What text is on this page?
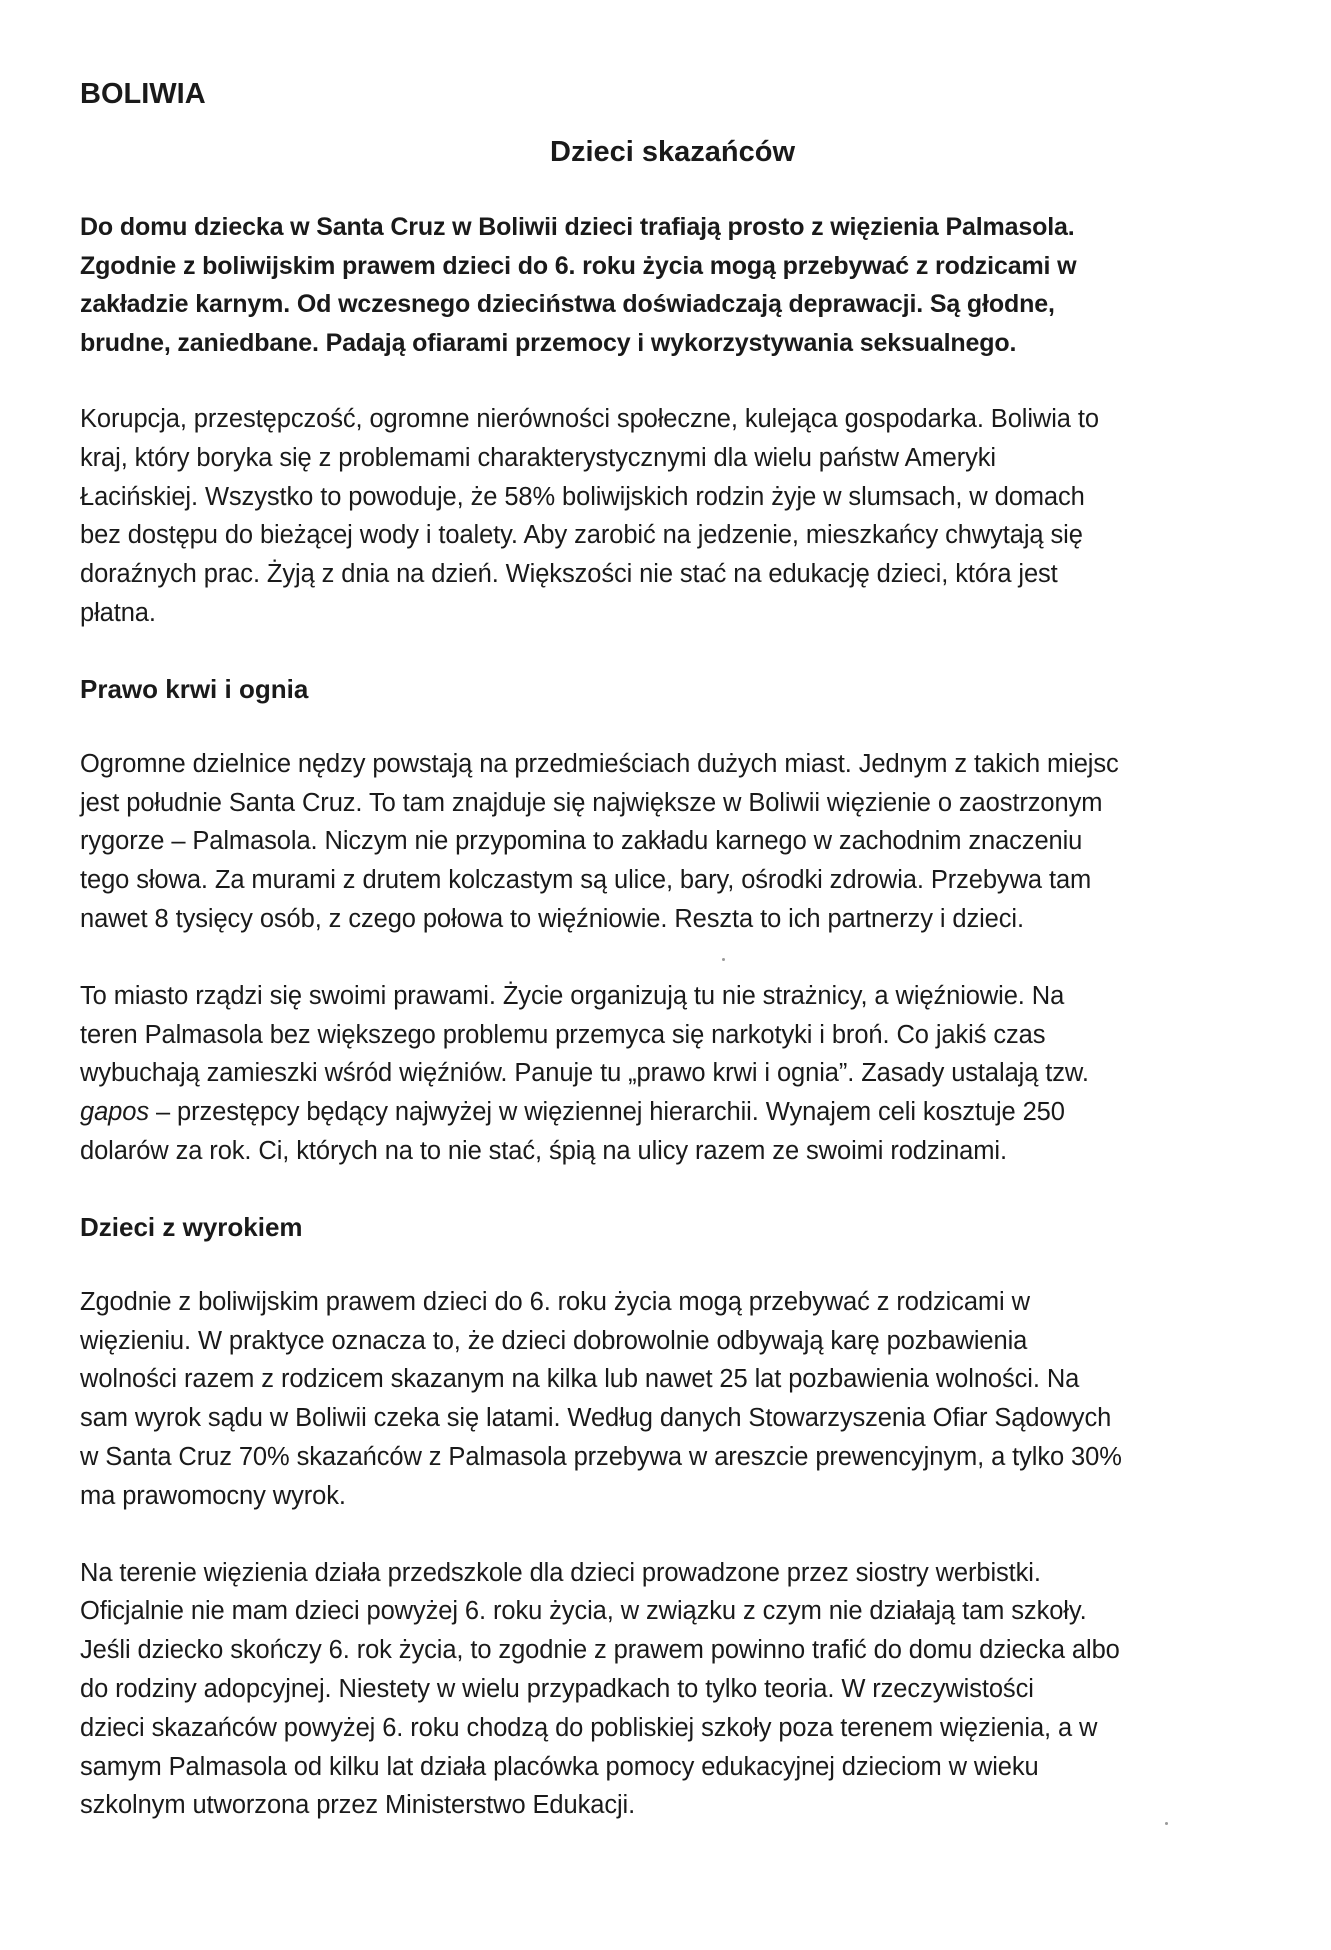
BOLIWIA
Dzieci skazańców

Do domu dziecka w Santa Cruz w Boliwii dzieci trafiają prosto z więzienia Palmasola.
Zgodnie z boliwijskim prawem dzieci do 6. roku życia mogą przebywać z rodzicami w
zakładzie karnym. Od wczesnego dzieciństwa doświadczają deprawacji. Są głodne,
brudne, zaniedbane. Padają ofiarami przemocy i wykorzystywania seksualnego.

Korupcja, przestępczość, ogromne nierówności społeczne, kulejąca gospodarka. Boliwia to
kraj, który boryka się z problemami charakterystycznymi dla wielu państw Ameryki
Łacińskiej. Wszystko to powoduje, że 58% boliwijskich rodzin żyje w slumsach, w domach
bez dostępu do bieżącej wody i toalety. Aby zarobić na jedzenie, mieszkańcy chwytają się
doraźnych prac. Żyją z dnia na dzień. Większości nie stać na edukację dzieci, która jest
płatna.

Prawo krwi i ognia

Ogromne dzielnice nędzy powstają na przedmieściach dużych miast. Jednym z takich miejsc
jest południe Santa Cruz. To tam znajduje się największe w Boliwii więzienie o zaostrzonym
rygorze – Palmasola. Niczym nie przypomina to zakładu karnego w zachodnim znaczeniu
tego słowa. Za murami z drutem kolczastym są ulice, bary, ośrodki zdrowia. Przebywa tam
nawet 8 tysięcy osób, z czego połowa to więźniowie. Reszta to ich partnerzy i dzieci.

To miasto rządzi się swoimi prawami. Życie organizują tu nie strażnicy, a więźniowie. Na
teren Palmasola bez większego problemu przemyca się narkotyki i broń. Co jakiś czas
wybuchają zamieszki wśród więźniów. Panuje tu „prawo krwi i ognia”. Zasady ustalają tzw.
gapos – przestępcy będący najwyżej w więziennej hierarchii. Wynajem celi kosztuje 250
dolarów za rok. Ci, których na to nie stać, śpią na ulicy razem ze swoimi rodzinami.

Dzieci z wyrokiem

Zgodnie z boliwijskim prawem dzieci do 6. roku życia mogą przebywać z rodzicami w
więzieniu. W praktyce oznacza to, że dzieci dobrowolnie odbywają karę pozbawienia
wolności razem z rodzicem skazanym na kilka lub nawet 25 lat pozbawienia wolności. Na
sam wyrok sądu w Boliwii czeka się latami. Według danych Stowarzyszenia Ofiar Sądowych
w Santa Cruz 70% skazańców z Palmasola przebywa w areszcie prewencyjnym, a tylko 30%
ma prawomocny wyrok.

Na terenie więzienia działa przedszkole dla dzieci prowadzone przez siostry werbistki.
Oficjalnie nie mam dzieci powyżej 6. roku życia, w związku z czym nie działają tam szkoły.
Jeśli dziecko skończy 6. rok życia, to zgodnie z prawem powinno trafić do domu dziecka albo
do rodziny adopcyjnej. Niestety w wielu przypadkach to tylko teoria. W rzeczywistości
dzieci skazańców powyżej 6. roku chodzą do pobliskiej szkoły poza terenem więzienia, a w
samym Palmasola od kilku lat działa placówka pomocy edukacyjnej dzieciom w wieku
szkolnym utworzona przez Ministerstwo Edukacji.
